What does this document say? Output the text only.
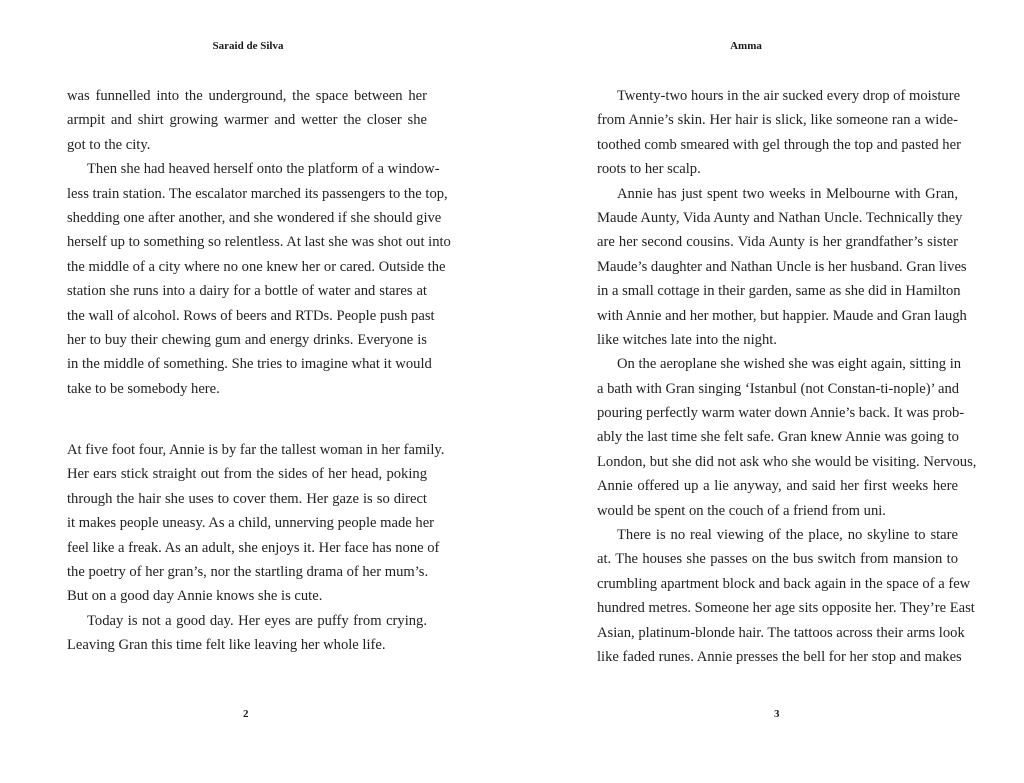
Saraid de Silva
was funnelled into the underground, the space between her
armpit and shirt growing warmer and wetter the closer she
got to the city.
Then she had heaved herself onto the platform of a window-
less train station. The escalator marched its passengers to the top,
shedding one after another, and she wondered if she should give
herself up to something so relentless. At last she was shot out into
the middle of a city where no one knew her or cared. Outside the
station she runs into a dairy for a bottle of water and stares at
the wall of alcohol. Rows of beers and RTDs. People push past
her to buy their chewing gum and energy drinks. Everyone is
in the middle of something. She tries to imagine what it would
take to be somebody here.
At five foot four, Annie is by far the tallest woman in her family.
Her ears stick straight out from the sides of her head, poking
through the hair she uses to cover them. Her gaze is so direct
it makes people uneasy. As a child, unnerving people made her
feel like a freak. As an adult, she enjoys it. Her face has none of
the poetry of her gran’s, nor the startling drama of her mum’s.
But on a good day Annie knows she is cute.
Today is not a good day. Her eyes are puffy from crying.
Leaving Gran this time felt like leaving her whole life.
2
Amma
Twenty-two hours in the air sucked every drop of moisture
from Annie’s skin. Her hair is slick, like someone ran a wide-
toothed comb smeared with gel through the top and pasted her
roots to her scalp.
Annie has just spent two weeks in Melbourne with Gran,
Maude Aunty, Vida Aunty and Nathan Uncle. Technically they
are her second cousins. Vida Aunty is her grandfather’s sister
Maude’s daughter and Nathan Uncle is her husband. Gran lives
in a small cottage in their garden, same as she did in Hamilton
with Annie and her mother, but happier. Maude and Gran laugh
like witches late into the night.
On the aeroplane she wished she was eight again, sitting in
a bath with Gran singing ‘Istanbul (not Constan-ti-nople)’ and
pouring perfectly warm water down Annie’s back. It was prob-
ably the last time she felt safe. Gran knew Annie was going to
London, but she did not ask who she would be visiting. Nervous,
Annie offered up a lie anyway, and said her first weeks here
would be spent on the couch of a friend from uni.
There is no real viewing of the place, no skyline to stare
at. The houses she passes on the bus switch from mansion to
crumbling apartment block and back again in the space of a few
hundred metres. Someone her age sits opposite her. They’re East
Asian, platinum-blonde hair. The tattoos across their arms look
like faded runes. Annie presses the bell for her stop and makes
3
